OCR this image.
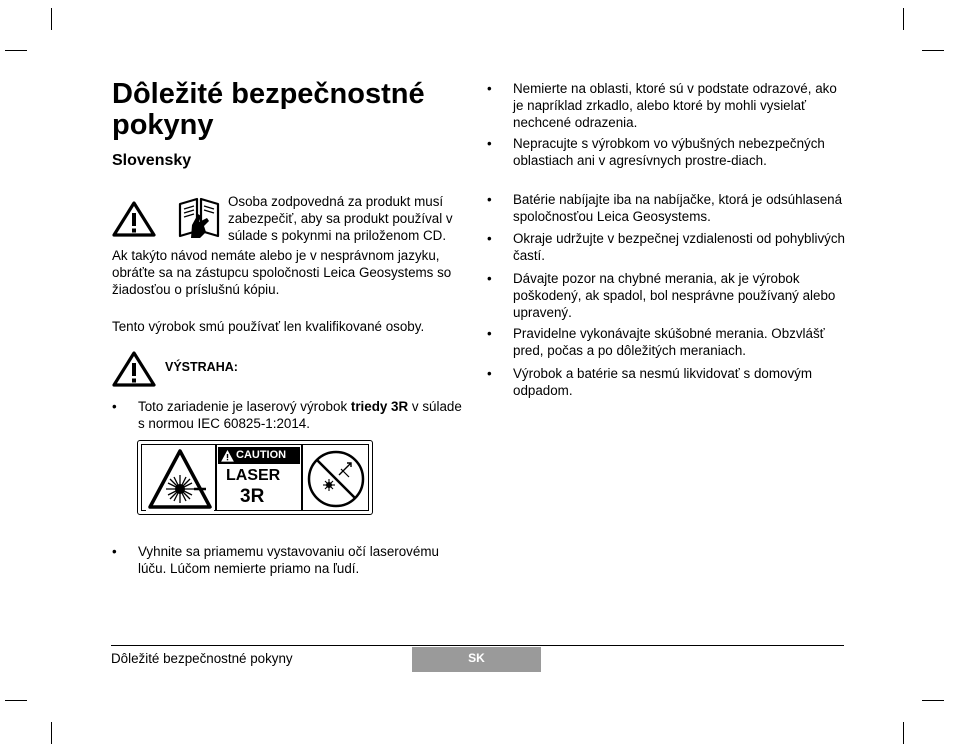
Dôležité bezpečnostné pokyny
Slovensky
Osoba zodpovedná za produkt musí zabezpečiť, aby sa produkt používal v súlade s pokynmi na priloženom CD.
Ak takýto návod nemáte alebo je v nesprávnom jazyku, obráťte sa na zástupcu spoločnosti Leica Geosystems so žiadosťou o príslušnú kópiu.
Tento výrobok smú používať len kvalifikované osoby.
VÝSTRAHA:
• Toto zariadenie je laserový výrobok triedy 3R v súlade s normou IEC 60825-1:2014.
CAUTION
LASER
3R
• Vyhnite sa priamemu vystavovaniu očí laserovému lúču. Lúčom nemierte priamo na ľudí.
• Nemierte na oblasti, ktoré sú v podstate odrazové, ako je napríklad zrkadlo, alebo ktoré by mohli vysielať nechcené odrazenia.
• Nepracujte s výrobkom vo výbušných nebezpečných oblastiach ani v agresívnych prostre-diach.
• Batérie nabíjajte iba na nabíjačke, ktorá je odsúhlasená spoločnosťou Leica Geosystems.
• Okraje udržujte v bezpečnej vzdialenosti od pohyblivých častí.
• Dávajte pozor na chybné merania, ak je výrobok poškodený, ak spadol, bol nesprávne používaný alebo upravený.
• Pravidelne vykonávajte skúšobné merania. Obzvlášť pred, počas a po dôležitých meraniach.
• Výrobok a batérie sa nesmú likvidovať s domovým odpadom.
Dôležité bezpečnostné pokyny	SK
